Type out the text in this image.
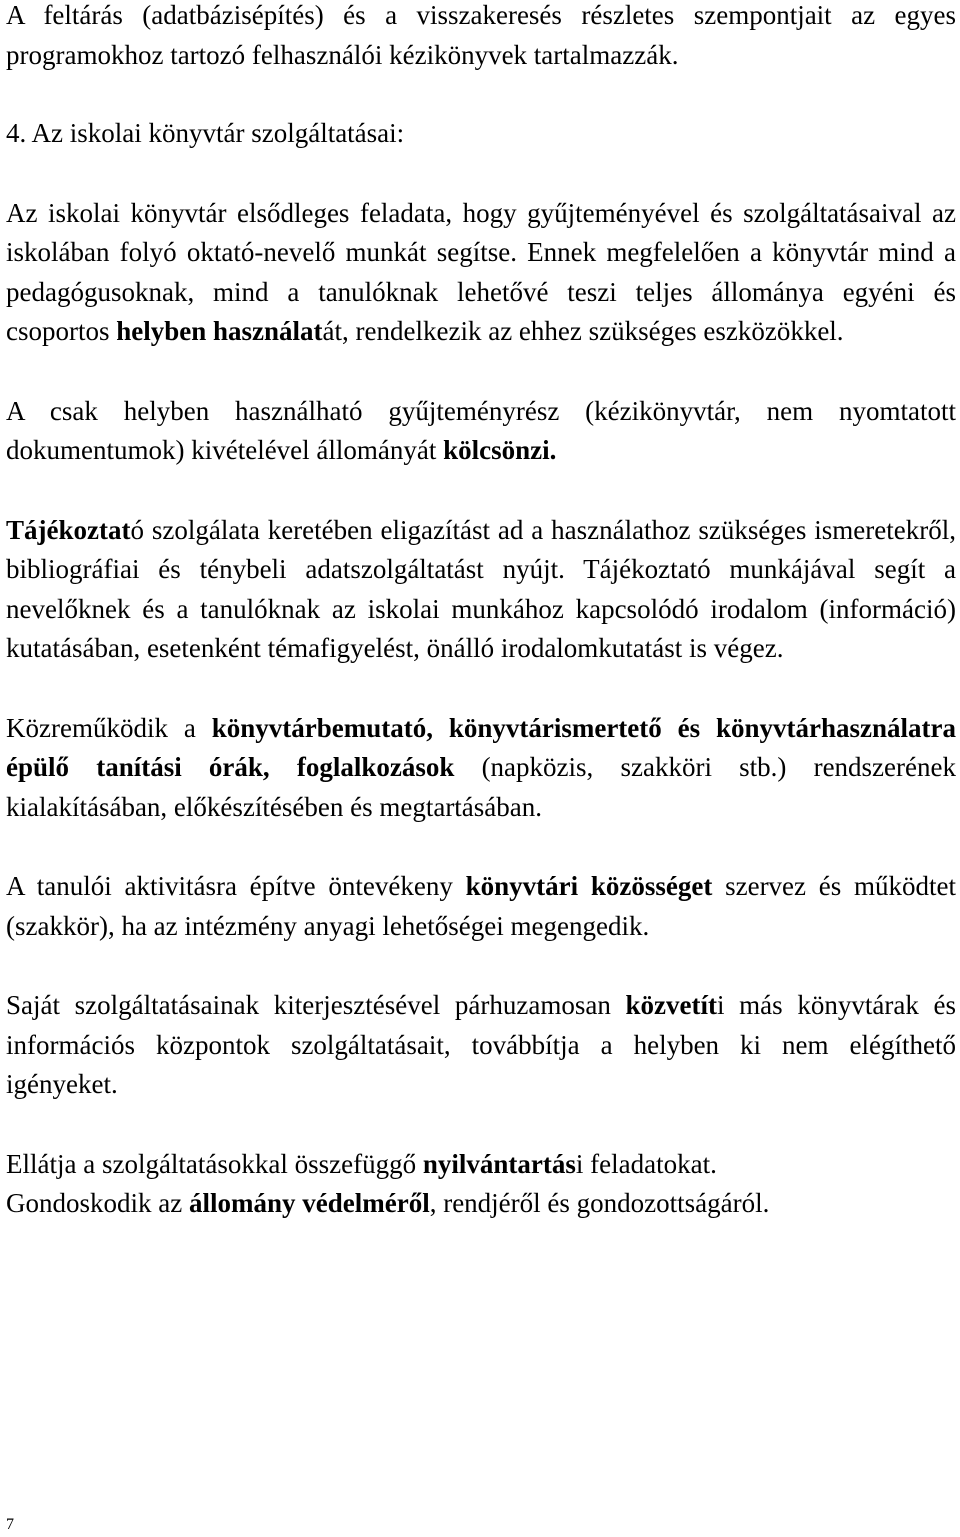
A feltárás (adatbázisépítés) és a visszakeresés részletes szempontjait az egyes programokhoz tartozó felhasználói kézikönyvek tartalmazzák.

4. Az iskolai könyvtár szolgáltatásai:

Az iskolai könyvtár elsődleges feladata, hogy gyűjteményével és szolgáltatásaival az iskolában folyó oktató-nevelő munkát segítse. Ennek megfelelően a könyvtár mind a pedagógusoknak, mind a tanulóknak lehetővé teszi teljes állománya egyéni és csoportos helyben használatát, rendelkezik az ehhez szükséges eszközökkel.

A csak helyben használható gyűjteményrész (kézikönyvtár, nem nyomtatott dokumentumok) kivételével állományát kölcsönzi.

Tájékoztató szolgálata keretében eligazítást ad a használathoz szükséges ismeretekről, bibliográfiai és ténybeli adatszolgáltatást nyújt. Tájékoztató munkájával segít a nevelőknek és a tanulóknak az iskolai munkához kapcsolódó irodalom (információ) kutatásában, esetenként témafigyelést, önálló irodalomkutatást is végez.

Közreműködik a könyvtárbemutató, könyvtárismertető és könyvtárhasználatra épülő tanítási órák, foglalkozások (napközis, szakköri stb.) rendszerének kialakításában, előkészítésében és megtartásában.

A tanulói aktivitásra építve öntevékeny könyvtári közösséget szervez és működtet (szakkör), ha az intézmény anyagi lehetőségei megengedik.

Saját szolgáltatásainak kiterjesztésével párhuzamosan közvetíti más könyvtárak és információs központok szolgáltatásait, továbbítja a helyben ki nem elégíthető igényeket.

Ellátja a szolgáltatásokkal összefüggő nyilvántartási feladatokat.
Gondoskodik az állomány védelméről, rendjéről és gondozottságáról.

7
